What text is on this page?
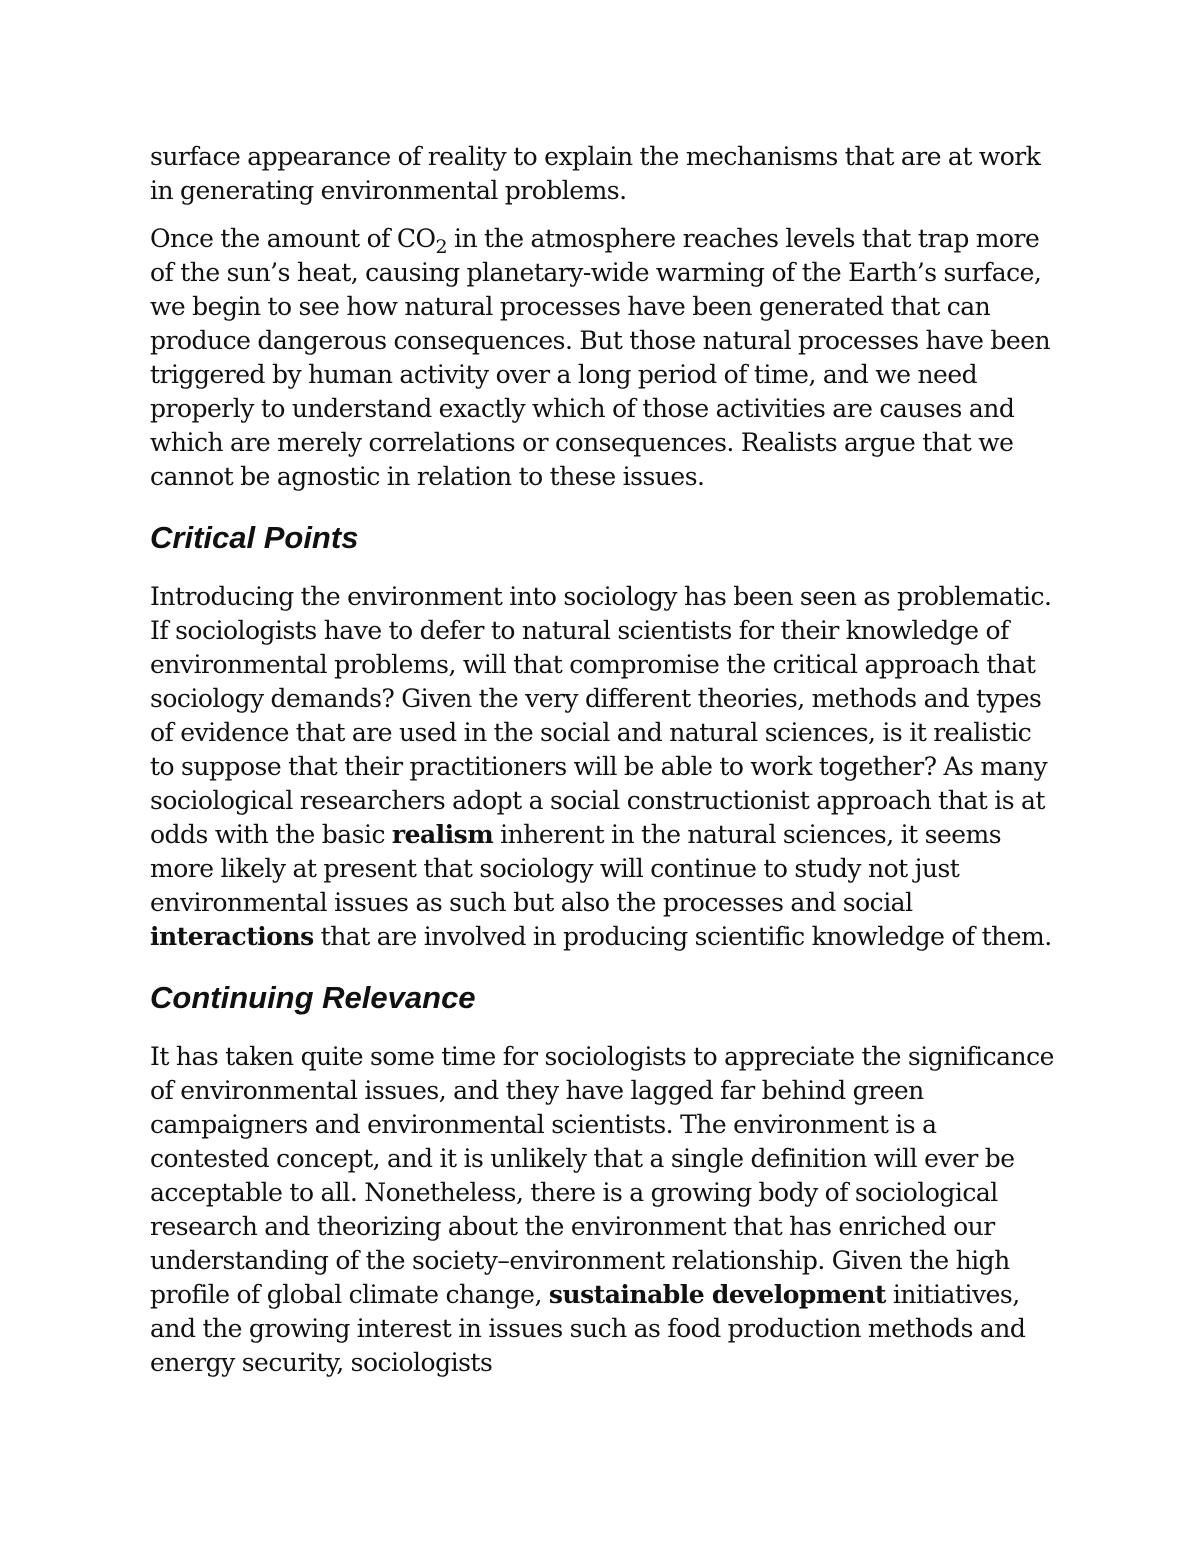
surface appearance of reality to explain the mechanisms that are at work in generating environmental problems.

Once the amount of $CO_2$ in the atmosphere reaches levels that trap more of the sun’s heat, causing planetary-wide warming of the Earth’s surface, we begin to see how natural processes have been generated that can produce dangerous consequences. But those natural processes have been triggered by human activity over a long period of time, and we need properly to understand exactly which of those activities are causes and which are merely correlations or consequences. Realists argue that we cannot be agnostic in relation to these issues.

Critical Points

Introducing the environment into sociology has been seen as problematic. If sociologists have to defer to natural scientists for their knowledge of environmental problems, will that compromise the critical approach that sociology demands? Given the very different theories, methods and types of evidence that are used in the social and natural sciences, is it realistic to suppose that their practitioners will be able to work together? As many sociological researchers adopt a social constructionist approach that is at odds with the basic realism inherent in the natural sciences, it seems more likely at present that sociology will continue to study not just environmental issues as such but also the processes and social interactions that are involved in producing scientific knowledge of them.

Continuing Relevance

It has taken quite some time for sociologists to appreciate the significance of environmental issues, and they have lagged far behind green campaigners and environmental scientists. The environment is a contested concept, and it is unlikely that a single definition will ever be acceptable to all. Nonetheless, there is a growing body of sociological research and theorizing about the environment that has enriched our understanding of the society–environment relationship. Given the high profile of global climate change, sustainable development initiatives, and the growing interest in issues such as food production methods and energy security, sociologists
